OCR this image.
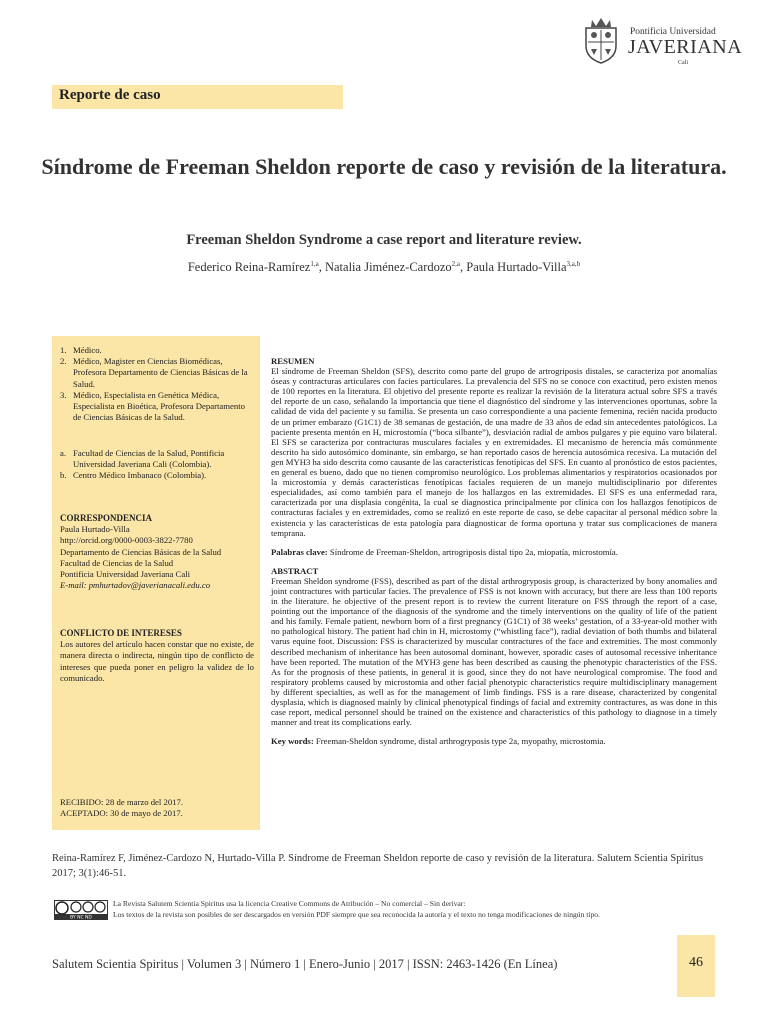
Pontificia Universidad
JAVERIANA
Cali
Reporte de caso
Síndrome de Freeman Sheldon reporte de caso y revisión de la literatura.
Freeman Sheldon Syndrome a case report and literature review.
Federico Reina-Ramírez$^{1,a}$, Natalia Jiménez-Cardozo$^{2,a}$, Paula Hurtado-Villa$^{3,a,b}$
1. Médico.
2. Médico, Magister en Ciencias Biomédicas, Profesora Departamento de Ciencias Básicas de la Salud.
3. Médico, Especialista en Genética Médica, Especialista en Bioética, Profesora Departamento de Ciencias Básicas de la Salud.
a. Facultad de Ciencias de la Salud, Pontificia Universidad Javeriana Cali (Colombia).
b. Centro Médico Imbanaco (Colombia).
CORRESPONDENCIA
Paula Hurtado-Villa
http://orcid.org/0000-0003-3822-7780
Departamento de Ciencias Básicas de la Salud
Facultad de Ciencias de la Salud
Pontificia Universidad Javeriana Cali
E-mail: pmhurtadov@javerianacali.edu.co
CONFLICTO DE INTERESES
Los autores del artículo hacen constar que no existe, de manera directa o indirecta, ningún tipo de conflicto de intereses que pueda poner en peligro la validez de lo comunicado.
RECIBIDO: 28 de marzo del 2017.
ACEPTADO: 30 de mayo de 2017.

RESUMEN

El síndrome de Freeman Sheldon (SFS), descrito como parte del grupo de artrogriposis distales, se caracteriza por anomalías óseas y contracturas articulares con facies particulares. La prevalencia del SFS no se conoce con exactitud, pero existen menos de 100 reportes en la literatura. El objetivo del presente reporte es realizar la revisión de la literatura actual sobre SFS a través del reporte de un caso, señalando la importancia que tiene el diagnóstico del síndrome y las intervenciones oportunas, sobre la calidad de vida del paciente y su familia. Se presenta un caso correspondiente a una paciente femenina, recién nacida producto de un primer embarazo (G1C1) de 38 semanas de gestación, de una madre de 33 años de edad sin antecedentes patológicos. La paciente presenta mentón en H, microstomía (“boca silbante”), desviación radial de ambos pulgares y pie equino varo bilateral. El SFS se caracteriza por contracturas musculares faciales y en extremidades. El mecanismo de herencia más comúnmente descrito ha sido autosómico dominante, sin embargo, se han reportado casos de herencia autosómica recesiva. La mutación del gen MYH3 ha sido descrita como causante de las características fenotípicas del SFS. En cuanto al pronóstico de estos pacientes, en general es bueno, dado que no tienen compromiso neurológico. Los problemas alimentarios y respiratorios ocasionados por la microstomía y demás características fenotípicas faciales requieren de un manejo multidisciplinario por diferentes especialidades, así como también para el manejo de los hallazgos en las extremidades. El SFS es una enfermedad rara, caracterizada por una displasia congénita, la cual se diagnostica principalmente por clínica con los hallazgos fenotípicos de contracturas faciales y en extremidades, como se realizó en este reporte de caso, se debe capacitar al personal médico sobre la existencia y las características de esta patología para diagnosticar de forma oportuna y tratar sus complicaciones de manera temprana.

Palabras clave: Síndrome de Freeman-Sheldon, artrogriposis distal tipo 2a, miopatía, microstomía.

ABSTRACT

Freeman Sheldon syndrome (FSS), described as part of the distal arthrogryposis group, is characterized by bony anomalies and joint contractures with particular facies. The prevalence of FSS is not known with accuracy, but there are less than 100 reports in the literature. he objective of the present report is to review the current literature on FSS through the report of a case, pointing out the importance of the diagnosis of the syndrome and the timely interventions on the quality of life of the patient and his family. Female patient, newborn born of a first pregnancy (G1C1) of 38 weeks’ gestation, of a 33-year-old mother with no pathological history. The patient had chin in H, microstomy (“whistling face”), radial deviation of both thumbs and bilateral varus equine foot. Discussion: FSS is characterized by muscular contractures of the face and extremities. The most commonly described mechanism of inheritance has been autosomal dominant, however, sporadic cases of autosomal recessive inheritance have been reported. The mutation of the MYH3 gene has been described as causing the phenotypic characteristics of the FSS. As for the prognosis of these patients, in general it is good, since they do not have neurological compromise. The food and respiratory problems caused by microstomia and other facial phenotypic characteristics require multidisciplinary management by different specialties, as well as for the management of limb findings. FSS is a rare disease, characterized by congenital dysplasia, which is diagnosed mainly by clinical phenotypical findings of facial and extremity contractures, as was done in this case report, medical personnel should be trained on the existence and characteristics of this pathology to diagnose in a timely manner and treat its complications early.

Key words: Freeman-Sheldon syndrome, distal arthrogryposis type 2a, myopathy, microstomia.

Reina-Ramírez F, Jiménez-Cardozo N, Hurtado-Villa P. Síndrome de Freeman Sheldon reporte de caso y revisión de la literatura. Salutem Scientia Spiritus 2017; 3(1):46-51.
BY NC ND
La Revista Salutem Scientia Spiritus usa la licencia Creative Commons de Atribución – No comercial – Sin derivar:
Los textos de la revista son posibles de ser descargados en versión PDF siempre que sea reconocida la autoría y el texto no tenga modificaciones de ningún tipo.
Salutem Scientia Spiritus | Volumen 3 | Número 1 | Enero-Junio | 2017 | ISSN: 2463-1426 (En Línea)	46
